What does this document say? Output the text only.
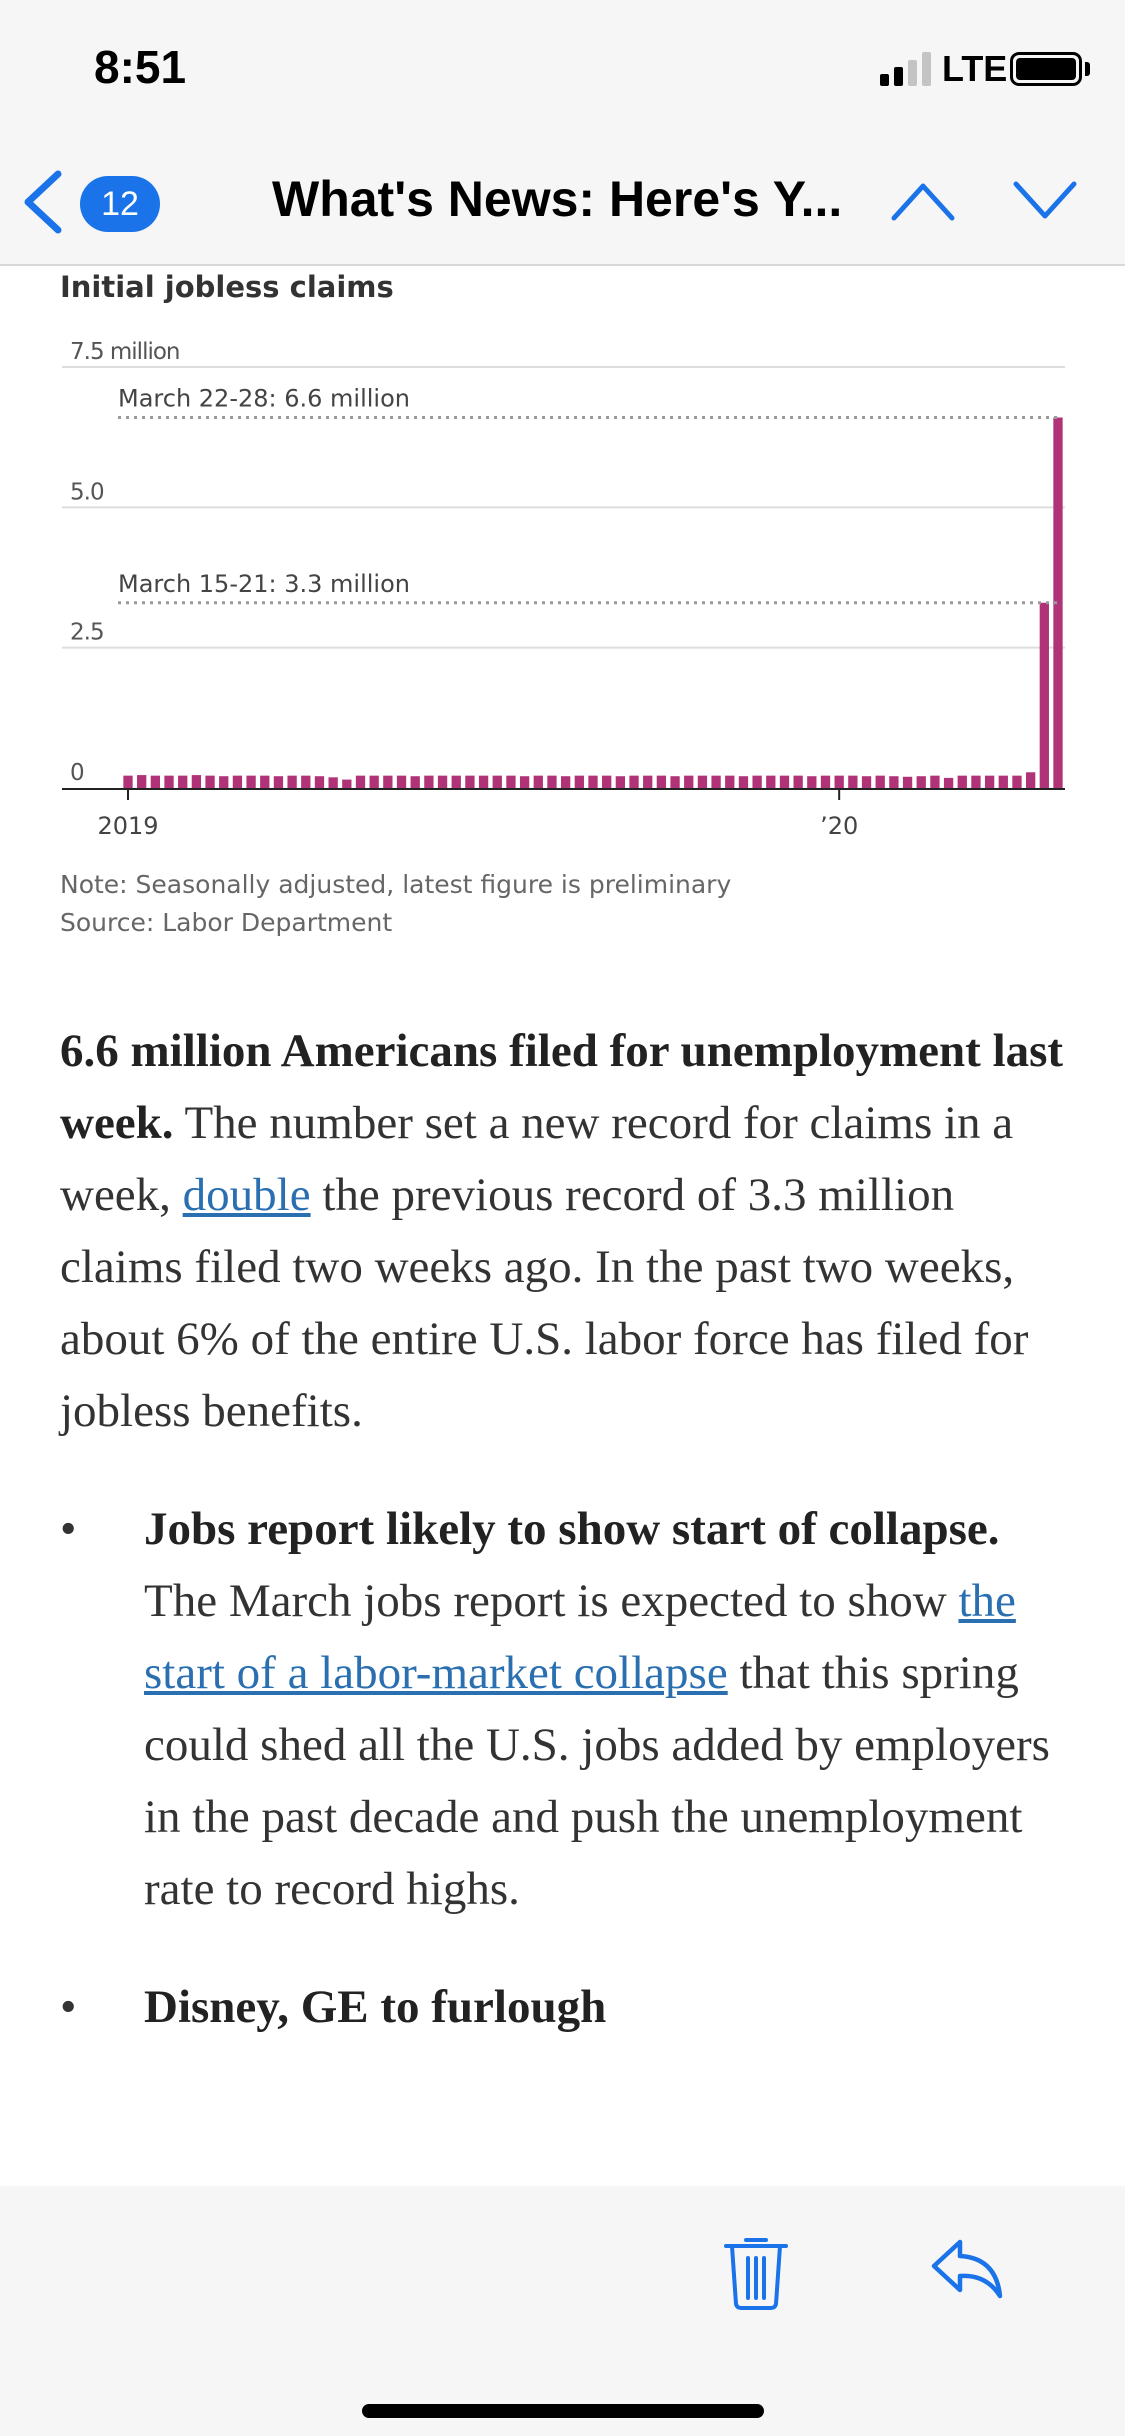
8:51	LTE
12	What's News: Here's Y...
0
2.5
5.0
7.5 million
March 22-28: 6.6 million
March 15-21: 3.3 million
2019	’20
Initial jobless claims
Note: Seasonally adjusted, latest figure is preliminary
Source: Labor Department

6.6 million Americans filed for unemployment last week. The number set a new record for claims in a week, double the previous record of 3.3 million claims filed two weeks ago. In the past two weeks, about 6% of the entire U.S. labor force has filed for jobless benefits.

• Jobs report likely to show start of collapse. The March jobs report is expected to show the start of a labor-market collapse that this spring could shed all the U.S. jobs added by employers in the past decade and push the unemployment rate to record highs.
• Disney, GE to furlough
